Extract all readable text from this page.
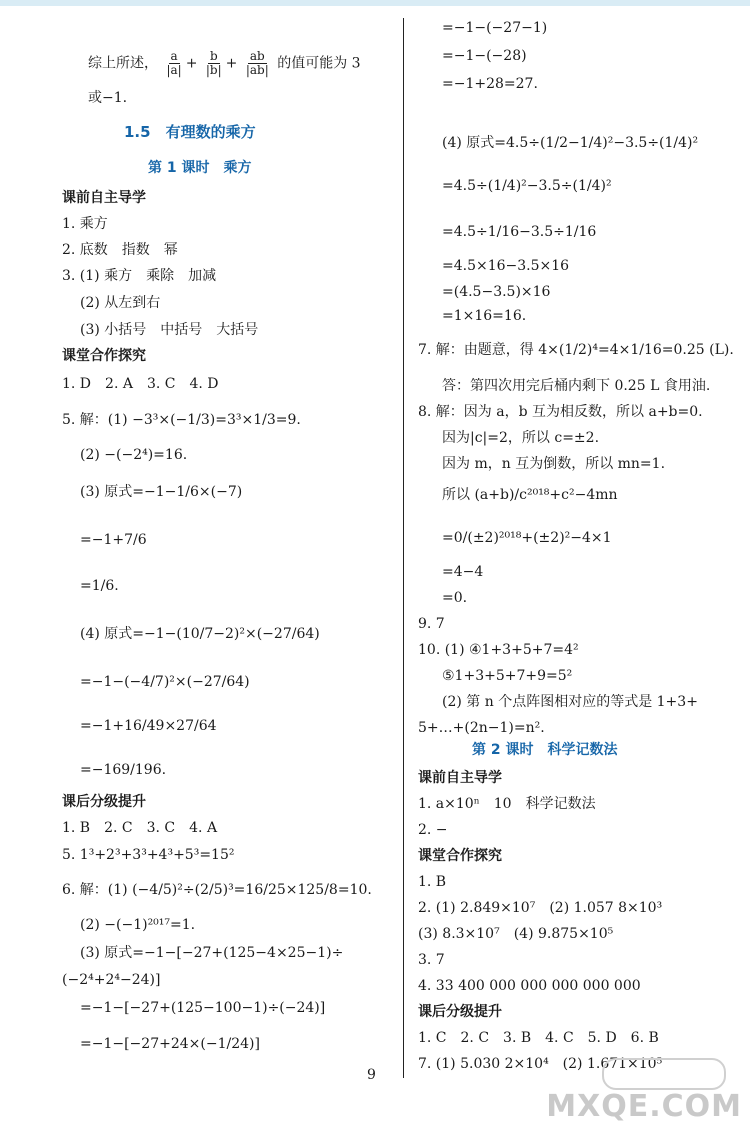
综上所述， $\frac{a}{|a|} + \frac{b}{|b|} + \frac{ab}{|ab|}$ 的值可能为 3
或−1.
1.5　有理数的乘方
第 1 课时　乘方
课前自主导学
1. 乘方
2. 底数　指数　幂
3. (1) 乘方　乘除　加减
(2) 从左到右
(3) 小括号　中括号　大括号
课堂合作探究
1. D　2. A　3. C　4. D
5. 解：(1) −3³×(−1/3)=3³×1/3=9.
(2) −(−2⁴)=16.
(3) 原式=−1−1/6×(−7)
=−1+7/6
=1/6.
(4) 原式=−1−(10/7−2)²×(−27/64)
=−1−(−4/7)²×(−27/64)
=−1+16/49×27/64
=−169/196.
课后分级提升
1. B　2. C　3. C　4. A
5. 1³+2³+3³+4³+5³=15²
6. 解：(1) (−4/5)²÷(2/5)³=16/25×125/8=10.
(2) −(−1)²⁰¹⁷=1.
(3) 原式=−1−[−27+(125−4×25−1)÷
(−2⁴+2⁴−24)]
=−1−[−27+(125−100−1)÷(−24)]
=−1−[−27+24×(−1/24)]
=−1−(−27−1)
=−1−(−28)
=−1+28=27.
(4) 原式=4.5÷(1/2−1/4)²−3.5÷(1/4)²
=4.5÷(1/4)²−3.5÷(1/4)²
=4.5÷1/16−3.5÷1/16
=4.5×16−3.5×16
=(4.5−3.5)×16
=1×16=16.
7. 解：由题意，得 4×(1/2)⁴=4×1/16=0.25 (L).
答：第四次用完后桶内剩下 0.25 L 食用油.
8. 解：因为 a，b 互为相反数，所以 a+b=0.
因为|c|=2，所以 c=±2.
因为 m，n 互为倒数，所以 mn=1.
所以 (a+b)/c²⁰¹⁸+c²−4mn
=0/(±2)²⁰¹⁸+(±2)²−4×1
=4−4
=0.
9. 7
10. (1) ④1+3+5+7=4²
⑤1+3+5+7+9=5²
(2) 第 n 个点阵图相对应的等式是 1+3+
5+…+(2n−1)=n².
第 2 课时　科学记数法
课前自主导学
1. a×10ⁿ　10　科学记数法
2. −
课堂合作探究
1. B
2. (1) 2.849×10⁷　(2) 1.057 8×10³
(3) 8.3×10⁷　(4) 9.875×10⁵
3. 7
4. 33 400 000 000 000 000 000
课后分级提升
1. C　2. C　3. B　4. C　5. D　6. B
7. (1) 5.030 2×10⁴　(2) 1.671×10⁵
9
MXQE.COM
